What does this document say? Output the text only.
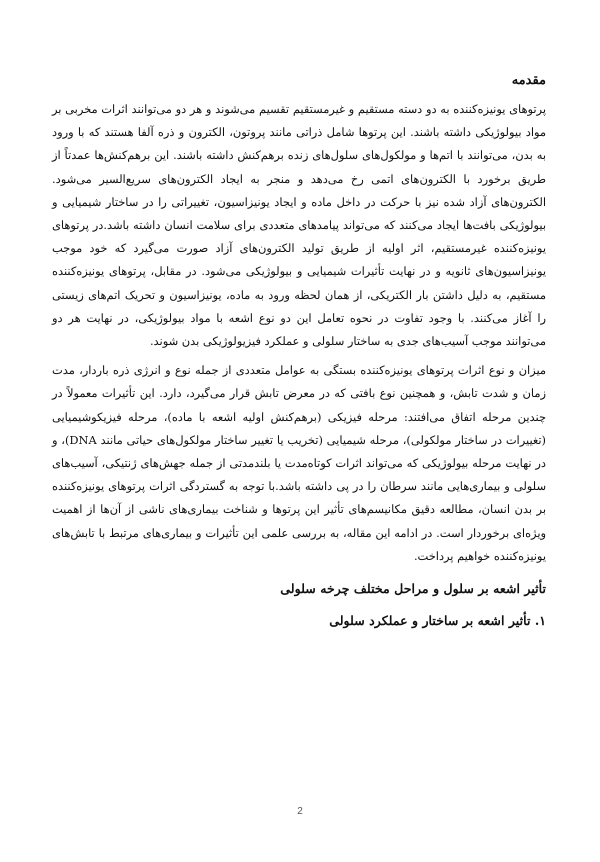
مقدمه

پرتوهای یونیزه‌کننده به دو دسته مستقیم و غیرمستقیم تقسیم می‌شوند و هر دو می‌توانند اثرات مخربی بر مواد بیولوژیکی داشته باشند. این پرتوها شامل ذراتی مانند پروتون، الکترون و ذره آلفا هستند که با ورود به بدن، می‌توانند با اتم‌ها و مولکول‌های سلول‌های زنده برهم‌کنش داشته باشند. این برهم‌کنش‌ها عمدتاً از طریق برخورد با الکترون‌های اتمی رخ می‌دهد و منجر به ایجاد الکترون‌های سریع‌السیر می‌شود. الکترون‌های آزاد شده نیز با حرکت در داخل ماده و ایجاد یونیزاسیون، تغییراتی را در ساختار شیمیایی و بیولوژیکی بافت‌ها ایجاد می‌کنند که می‌تواند پیامدهای متعددی برای سلامت انسان داشته باشد.در پرتوهای یونیزه‌کننده غیرمستقیم، اثر اولیه از طریق تولید الکترون‌های آزاد صورت می‌گیرد که خود موجب یونیزاسیون‌های ثانویه و در نهایت تأثیرات شیمیایی و بیولوژیکی می‌شود. در مقابل، پرتوهای یونیزه‌کننده مستقیم، به دلیل داشتن بار الکتریکی، از همان لحظه ورود به ماده، یونیزاسیون و تحریک اتم‌های زیستی را آغاز می‌کنند. با وجود تفاوت در نحوه تعامل این دو نوع اشعه با مواد بیولوژیکی، در نهایت هر دو می‌توانند موجب آسیب‌های جدی به ساختار سلولی و عملکرد فیزیولوژیکی بدن شوند.

میزان و نوع اثرات پرتوهای یونیزه‌کننده بستگی به عوامل متعددی از جمله نوع و انرژی ذره باردار، مدت زمان و شدت تابش، و همچنین نوع بافتی که در معرض تابش قرار می‌گیرد، دارد. این تأثیرات معمولاً در چندین مرحله اتفاق می‌افتند: مرحله فیزیکی (برهم‌کنش اولیه اشعه با ماده)، مرحله فیزیکوشیمیایی (تغییرات در ساختار مولکولی)، مرحله شیمیایی (تخریب یا تغییر ساختار مولکول‌های حیاتی مانند DNA)، و در نهایت مرحله بیولوژیکی که می‌تواند اثرات کوتاه‌مدت یا بلندمدتی از جمله جهش‌های ژنتیکی، آسیب‌های سلولی و بیماری‌هایی مانند سرطان را در پی داشته باشد.با توجه به گستردگی اثرات پرتوهای یونیزه‌کننده بر بدن انسان، مطالعه دقیق مکانیسم‌های تأثیر این پرتوها و شناخت بیماری‌های ناشی از آن‌ها از اهمیت ویژه‌ای برخوردار است. در ادامه این مقاله، به بررسی علمی این تأثیرات و بیماری‌های مرتبط با تابش‌های یونیزه‌کننده خواهیم پرداخت.

تأثیر اشعه بر سلول و مراحل مختلف چرخه سلولی
۱. تأثیر اشعه بر ساختار و عملکرد سلولی
2
